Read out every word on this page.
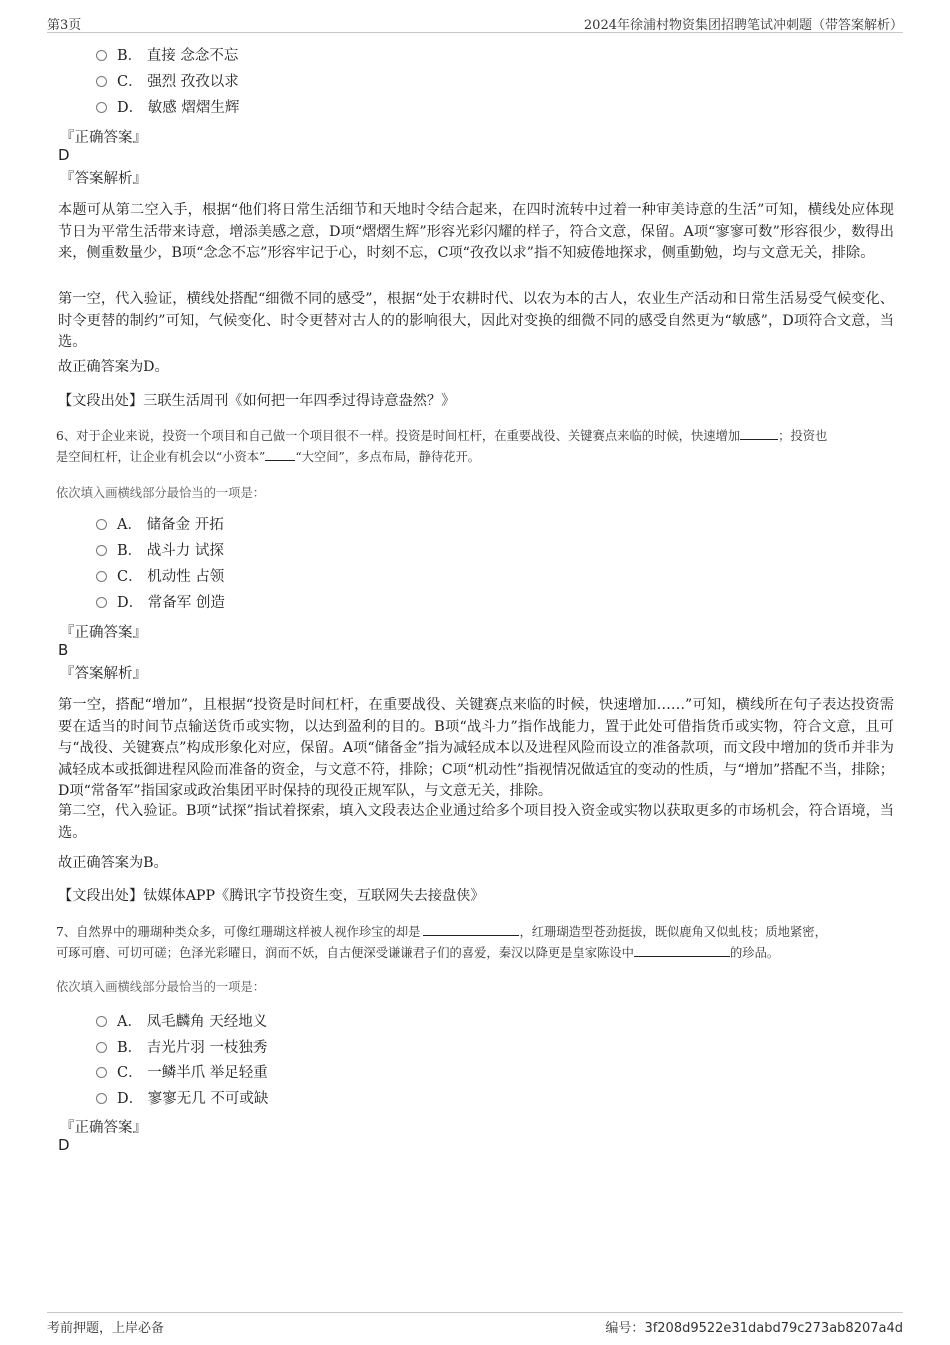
第3页	2024年徐浦村物资集团招聘笔试冲刺题（带答案解析）
B． 直接 念念不忘
C． 强烈 孜孜以求
D． 敏感 熠熠生辉
『正确答案』
D
『答案解析』
本题可从第二空入手，根据“他们将日常生活细节和天地时令结合起来，在四时流转中过着一种审美诗意的生活”可知，横线处应体现节日为平常生活带来诗意，增添美感之意，D项“熠熠生辉”形容光彩闪耀的样子，符合文意，保留。A项“寥寥可数”形容很少，数得出来，侧重数量少，B项“念念不忘”形容牢记于心，时刻不忘，C项“孜孜以求”指不知疲倦地探求，侧重勤勉，均与文意无关，排除。
第一空，代入验证，横线处搭配“细微不同的感受”，根据“处于农耕时代、以农为本的古人，农业生产活动和日常生活易受气候变化、时令更替的制约”可知，气候变化、时令更替对古人的的影响很大，因此对变换的细微不同的感受自然更为“敏感”，D项符合文意，当选。
故正确答案为D。
【文段出处】三联生活周刊《如何把一年四季过得诗意盎然？》
6、对于企业来说，投资一个项目和自己做一个项目很不一样。投资是时间杠杆，在重要战役、关键赛点来临的时候，快速增加	；投资也
是空间杠杆，让企业有机会以“小资本” “大空间”，多点布局，静待花开。
依次填入画横线部分最恰当的一项是：
A． 储备金 开拓
B． 战斗力 试探
C． 机动性 占领
D． 常备军 创造
『正确答案』
B
『答案解析』
第一空，搭配“增加”，且根据“投资是时间杠杆，在重要战役、关键赛点来临的时候，快速增加……”可知，横线所在句子表达投资需要在适当的时间节点输送货币或实物，以达到盈利的目的。B项“战斗力”指作战能力，置于此处可借指货币或实物，符合文意，且可与“战役、关键赛点”构成形象化对应，保留。A项“储备金”指为减轻成本以及进程风险而设立的准备款项，而文段中增加的货币并非为减轻成本或抵御进程风险而准备的资金，与文意不符，排除；C项“机动性”指视情况做适宜的变动的性质，与“增加”搭配不当，排除；D项“常备军”指国家或政治集团平时保持的现役正规军队，与文意无关，排除。
第二空，代入验证。B项“试探”指试着探索，填入文段表达企业通过给多个项目投入资金或实物以获取更多的市场机会，符合语境，当选。
故正确答案为B。
【文段出处】钛媒体APP《腾讯字节投资生变，互联网失去接盘侠》
7、自然界中的珊瑚种类众多，可像红珊瑚这样被人视作珍宝的却是	，红珊瑚造型苍劲挺拔，既似鹿角又似虬枝；质地紧密，
可琢可磨、可切可磋；色泽光彩曜日，润而不妖，自古便深受谦谦君子们的喜爱，秦汉以降更是皇家陈设中	的珍品。
依次填入画横线部分最恰当的一项是：
A． 凤毛麟角 天经地义
B． 吉光片羽 一枝独秀
C． 一鳞半爪 举足轻重
D． 寥寥无几 不可或缺
『正确答案』
D
考前押题，上岸必备	编号：3f208d9522e31dabd79c273ab8207a4d
